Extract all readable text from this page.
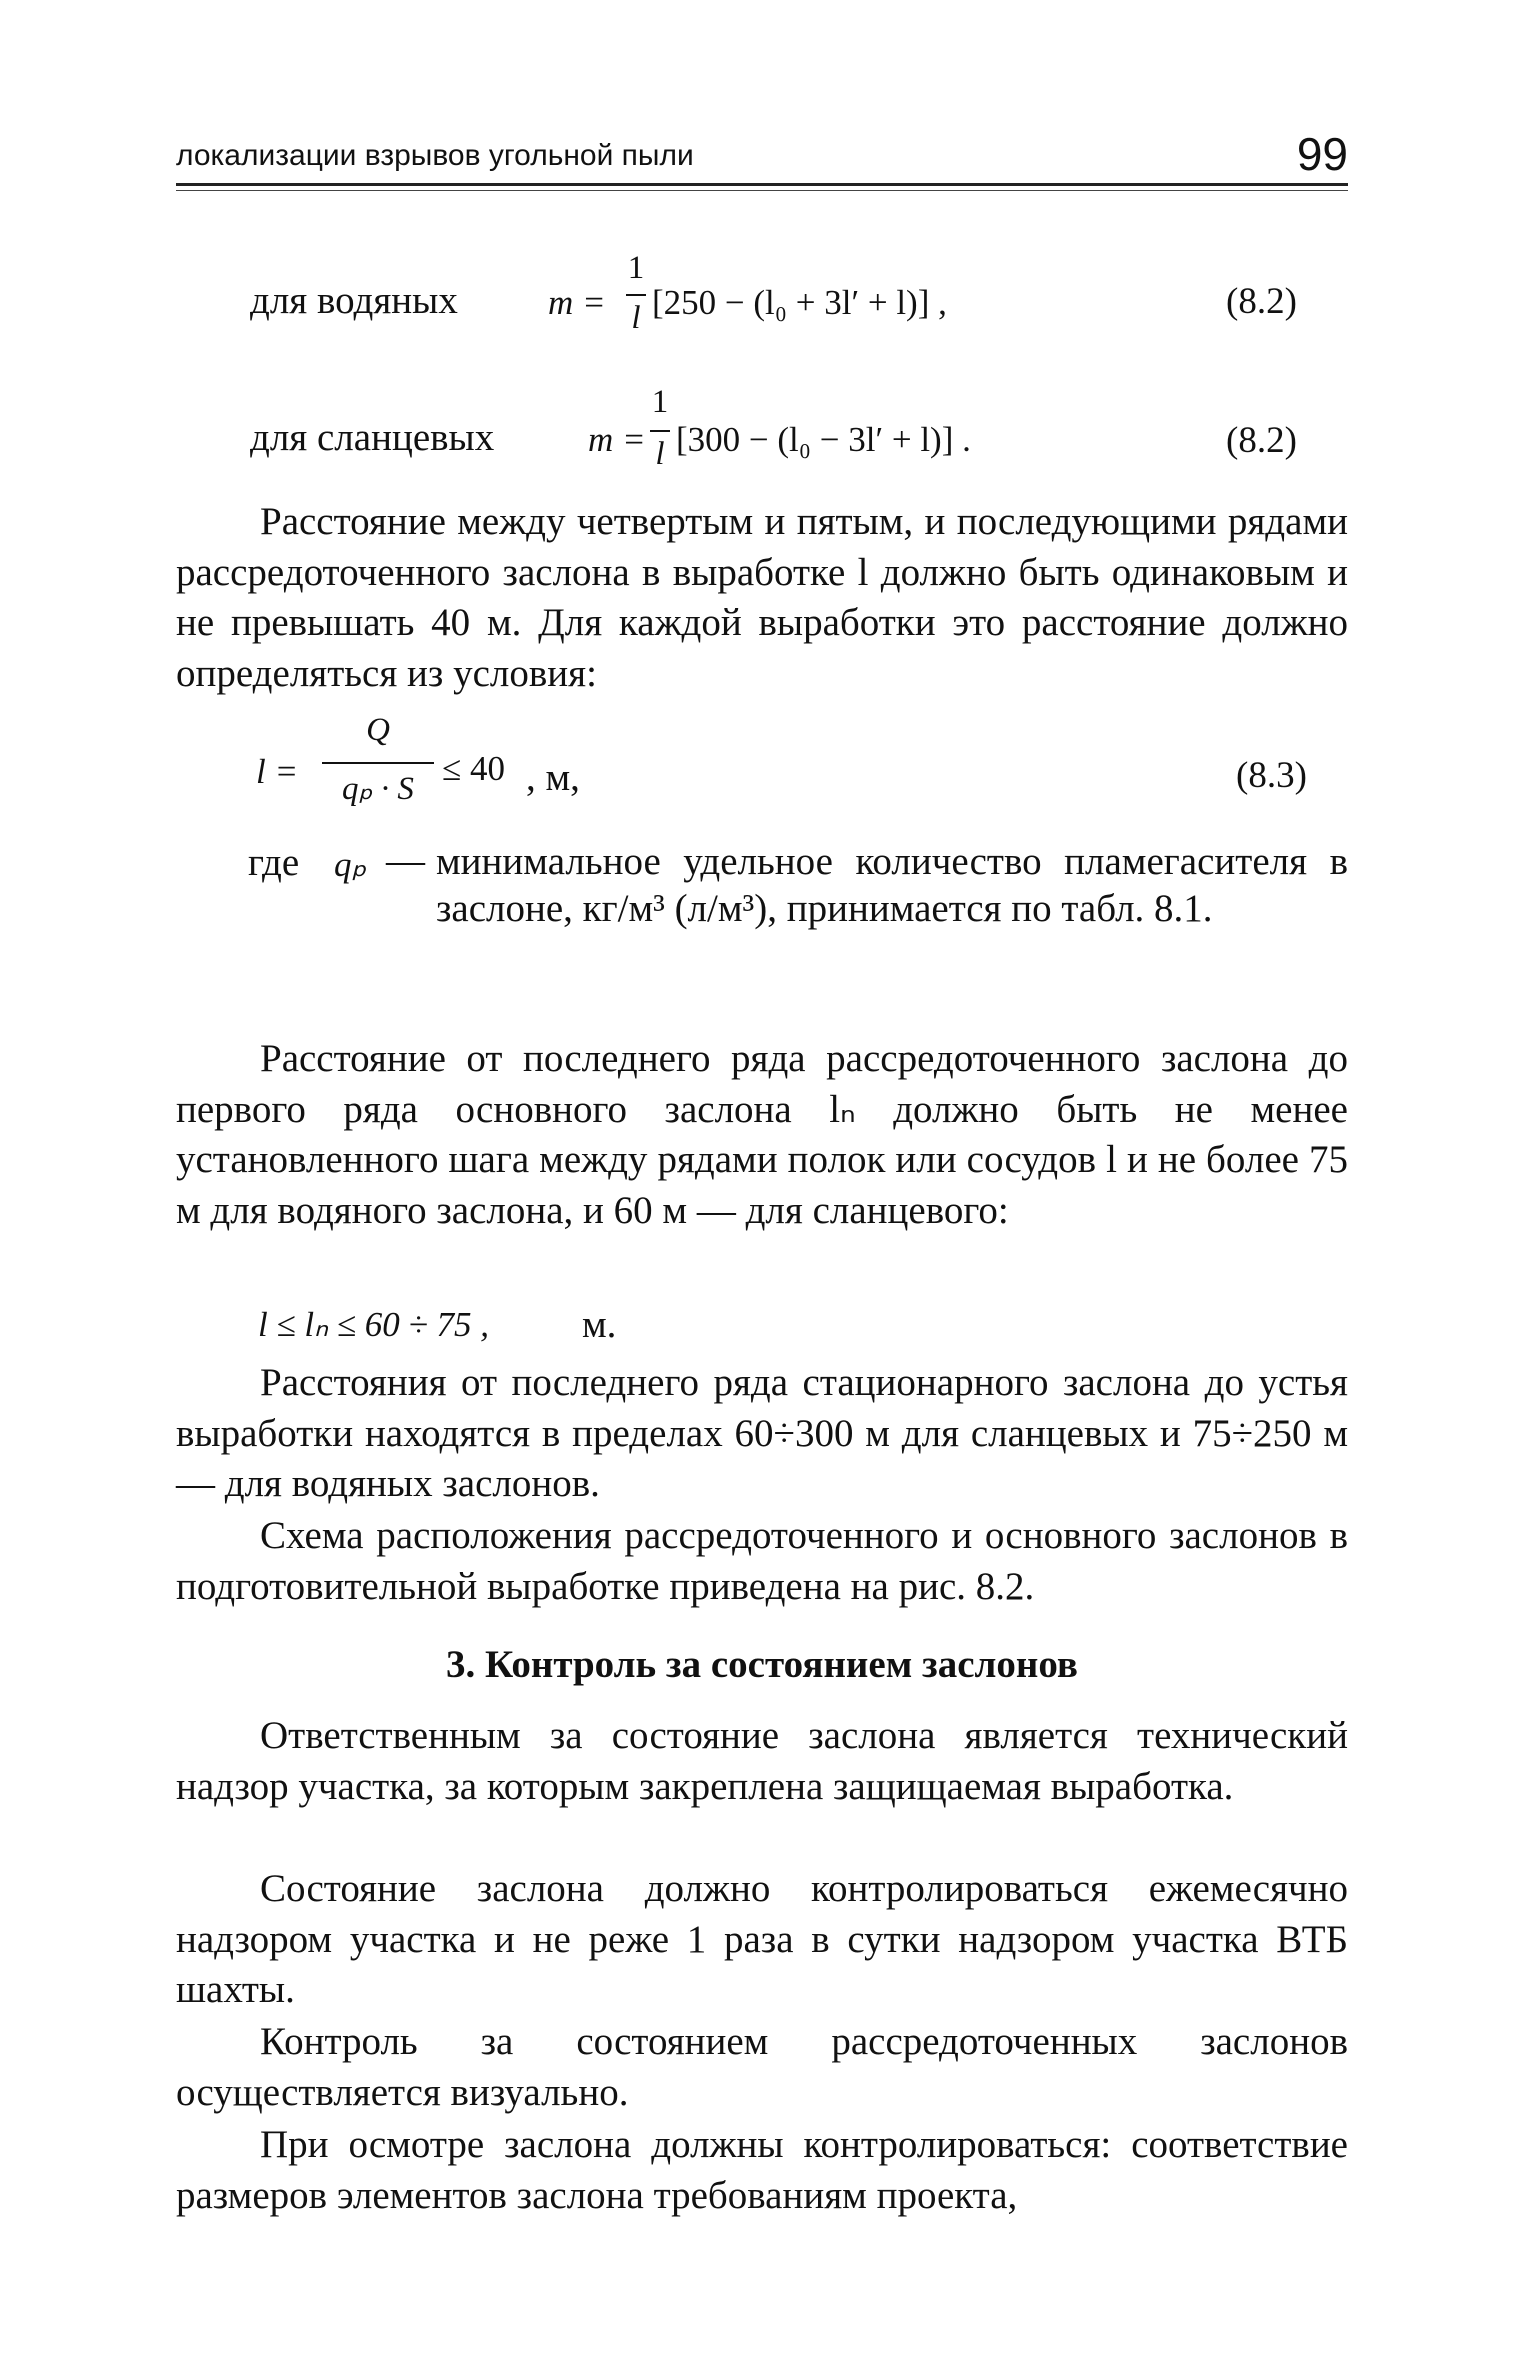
локализации взрывов угольной пыли	99
для водяных	m =
1
l [250 − (l₀ + 3l′ + l)] ,	(8.2)
для сланцевых	m =
1
l [300 − (l₀ − 3l′ + l)] .	(8.2)

Расстояние между четвертым и пятым, и последующими рядами рассредоточенного заслона в выработке l должно быть одинаковым и не превышать 40 м. Для каждой выработки это расстояние должно определяться из условия:

l =
Q
qₚ · S
≤ 40 , м,	(8.3)
где qₚ — минимальное удельное количество пламегасителя в заслоне, кг/м³ (л/м³), принимается по табл. 8.1.

Расстояние от последнего ряда рассредоточенного заслона до первого ряда основного заслона lₙ должно быть не менее установленного шага между рядами полок или сосудов l и не более 75 м для водяного заслона, и 60 м — для сланцевого:

l ≤ lₙ ≤ 60 ÷ 75 , м.

Расстояния от последнего ряда стационарного заслона до устья выработки находятся в пределах 60÷300 м для сланцевых и 75÷250 м — для водяных заслонов.

Схема расположения рассредоточенного и основного заслонов в подготовительной выработке приведена на рис. 8.2.

3. Контроль за состоянием заслонов

Ответственным за состояние заслона является технический надзор участка, за которым закреплена защищаемая выработка.

Состояние заслона должно контролироваться ежемесячно надзором участка и не реже 1 раза в сутки надзором участка ВТБ шахты.

Контроль за состоянием рассредоточенных заслонов осуществляется визуально.

При осмотре заслона должны контролироваться: соответствие размеров элементов заслона требованиям проекта,
